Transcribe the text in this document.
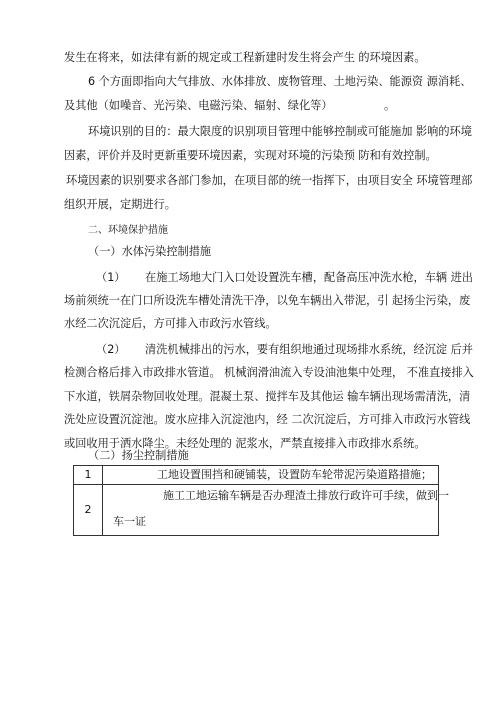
发生在将来，如法律有新的规定或工程新建时发生将会产生 的环境因素。
6 个方面即指向大气排放、水体排放、废物管理、土地污染、能源资 源消耗、
及其他（如噪音、光污染、电磁污染、辐射、绿化等）	。
环境识别的目的：最大限度的识别项目管理中能够控制或可能施加 影响的环境
因素，评价并及时更新重要环境因素，实现对环境的污染预 防和有效控制。
环境因素的识别要求各部门参加，在项目部的统一指挥下，由项目安全 环境管理部
组织开展，定期进行。
二、环境保护措施
（一）水体污染控制措施
（1） 在施工场地大门入口处设置洗车槽，配备高压冲洗水枪，车辆 进出
场前须统一在门口所设洗车槽处清洗干净，以免车辆出入带泥，引 起扬尘污染，废
水经二次沉淀后，方可排入市政污水管线。
（2） 清洗机械排出的污水，要有组织地通过现场排水系统，经沉淀 后并
检测合格后排入市政排水管道。 机械润滑油流入专设油池集中处理， 不准直接排入
下水道，铁屑杂物回收处理。混凝土泵、搅拌车及其他运 输车辆出现场需清洗，清
洗处应设置沉淀池。废水应排入沉淀池内，经 二次沉淀后，方可排入市政污水管线
或回收用于洒水降尘。未经处理的 泥浆水，严禁直接排入市政排水系统。
（二）扬尘控制措施
1	工地设置围挡和硬铺装，设置防车轮带泥污染道路措施；
2	施工工地运输车辆是否办理渣土排放行政许可手续，做到一
车一证
